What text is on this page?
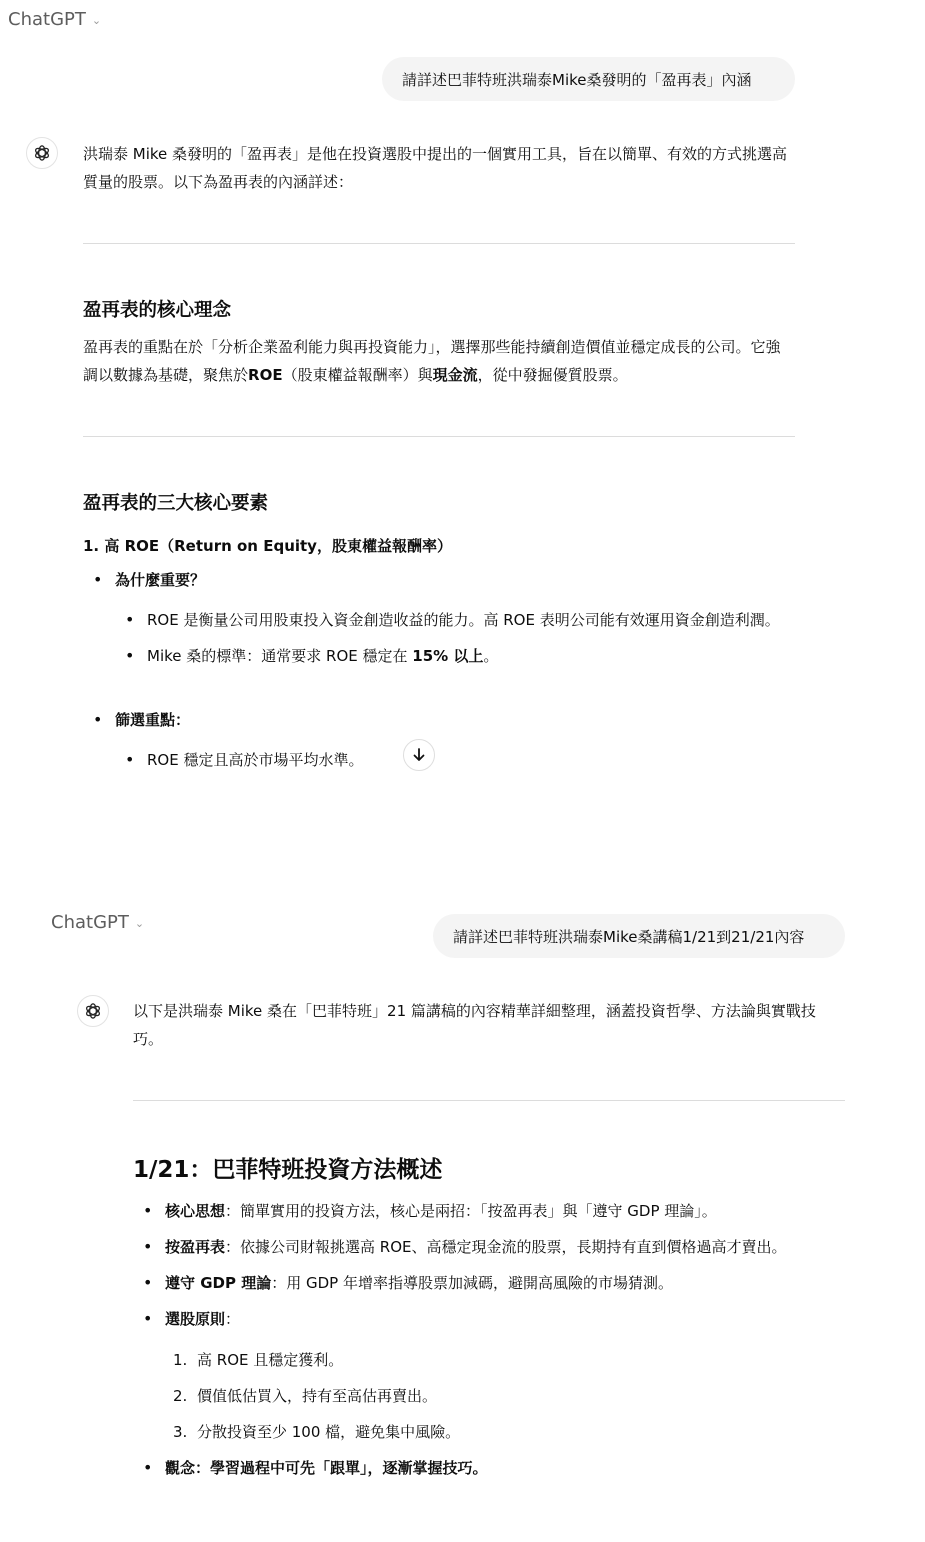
ChatGPT ⌄
請詳述巴菲特班洪瑞泰Mike桑發明的「盈再表」內涵
洪瑞泰 Mike 桑發明的「盈再表」是他在投資選股中提出的一個實用工具，旨在以簡單、有效的方式挑選高質量的股票。以下為盈再表的內涵詳述：
盈再表的核心理念
盈再表的重點在於「分析企業盈利能力與再投資能力」，選擇那些能持續創造價值並穩定成長的公司。它強調以數據為基礎，聚焦於ROE（股東權益報酬率）與現金流，從中發掘優質股票。
盈再表的三大核心要素
1. 高 ROE（Return on Equity，股東權益報酬率）
• 為什麼重要？
• ROE 是衡量公司用股東投入資金創造收益的能力。高 ROE 表明公司能有效運用資金創造利潤。
• Mike 桑的標準：通常要求 ROE 穩定在 15% 以上。
• 篩選重點：
• ROE 穩定且高於市場平均水準。
ChatGPT ⌄
請詳述巴菲特班洪瑞泰Mike桑講稿1/21到21/21內容
以下是洪瑞泰 Mike 桑在「巴菲特班」21 篇講稿的內容精華詳細整理，涵蓋投資哲學、方法論與實戰技巧。
1/21：巴菲特班投資方法概述
• 核心思想：簡單實用的投資方法，核心是兩招：「按盈再表」與「遵守 GDP 理論」。
• 按盈再表：依據公司財報挑選高 ROE、高穩定現金流的股票，長期持有直到價格過高才賣出。
• 遵守 GDP 理論：用 GDP 年增率指導股票加減碼，避開高風險的市場猜測。
• 選股原則：
1. 高 ROE 且穩定獲利。
2. 價值低估買入，持有至高估再賣出。
3. 分散投資至少 100 檔，避免集中風險。
• 觀念：學習過程中可先「跟單」，逐漸掌握技巧。
